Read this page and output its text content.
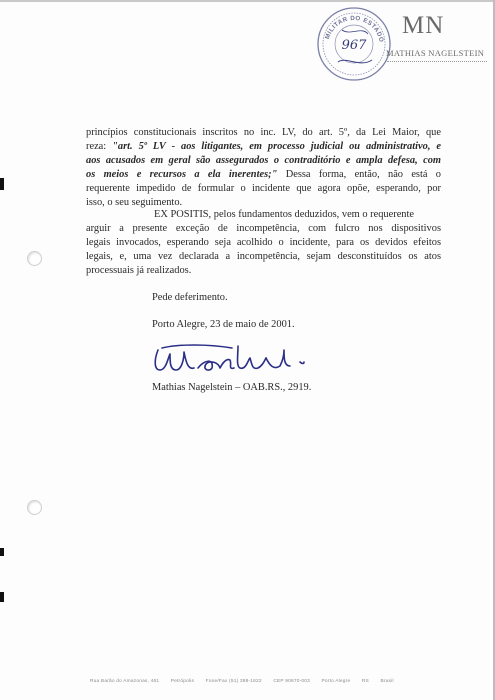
MILITAR DO ESTADO
967
MN
MATHIAS NAGELSTEIN
princípios constitucionais inscritos no inc. LV, do art. 5º, da Lei Maior, que
reza: "art. 5º LV - aos litigantes, em processo judicial ou administrativo, e
aos acusados em geral são assegurados o contraditório e ampla defesa, com
os meios e recursos a ela inerentes;" Dessa forma, então, não está o
requerente impedido de formular o incidente que agora opõe, esperando, por
isso, o seu seguimento.
EX POSITIS, pelos fundamentos deduzidos, vem o requerente
arguir a presente exceção de incompetência, com fulcro nos dispositivos
legais invocados, esperando seja acolhido o incidente, para os devidos efeitos
legais, e, uma vez declarada a incompetência, sejam desconstituídos os atos
processuais já realizados.
Pede deferimento.
Porto Alegre, 23 de maio de 2001.
Mathias Nagelstein – OAB.RS., 2919.
Rua Barão do Amazonas, 461 Petrópolis Fone/Fax (51) 388-1622 CEP 90670-003 Porto Alegre RS Brasil
